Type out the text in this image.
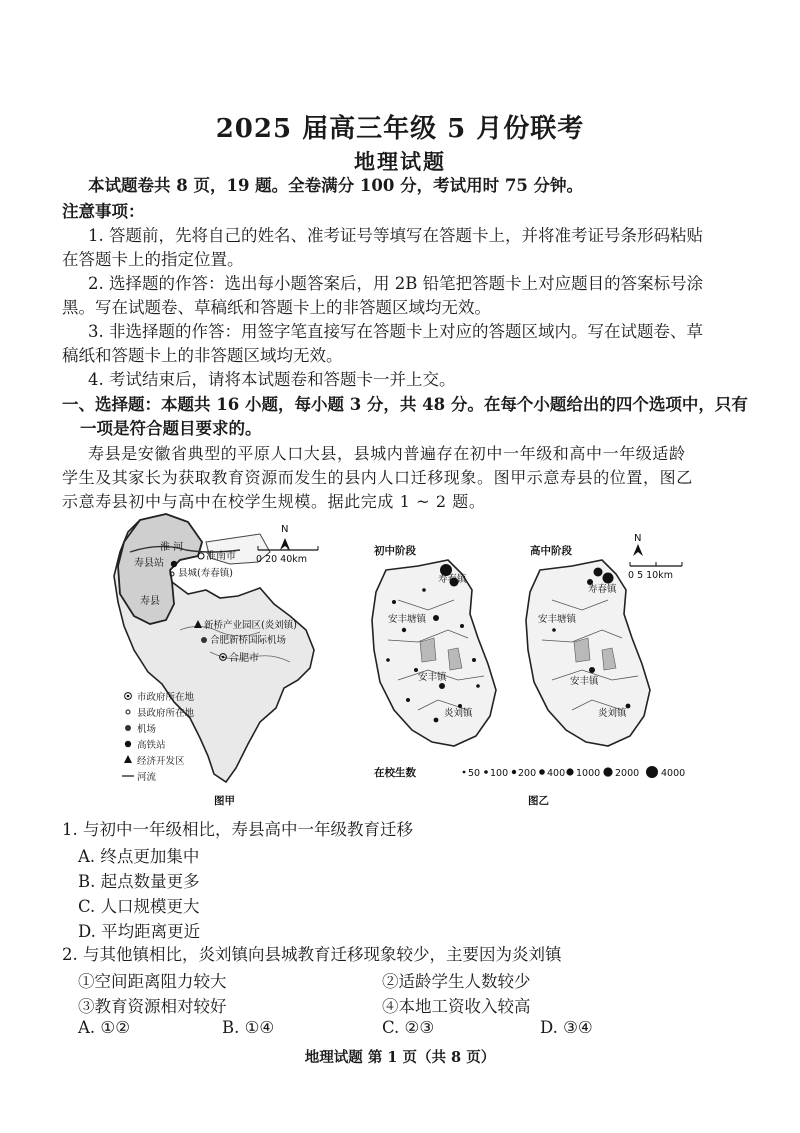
2025 届高三年级 5 月份联考
地理试题
本试题卷共 8 页，19 题。全卷满分 100 分，考试用时 75 分钟。
注意事项：
1. 答题前，先将自己的姓名、准考证号等填写在答题卡上，并将准考证号条形码粘贴
在答题卡上的指定位置。
2. 选择题的作答：选出每小题答案后，用 2B 铅笔把答题卡上对应题目的答案标号涂
黑。写在试题卷、草稿纸和答题卡上的非答题区域均无效。
3. 非选择题的作答：用签字笔直接写在答题卡上对应的答题区域内。写在试题卷、草
稿纸和答题卡上的非答题区域均无效。
4. 考试结束后，请将本试题卷和答题卡一并上交。
一、选择题：本题共 16 小题，每小题 3 分，共 48 分。在每个小题给出的四个选项中，只有
一项是符合题目要求的。
寿县是安徽省典型的平原人口大县，县城内普遍存在初中一年级和高中一年级适龄
学生及其家长为获取教育资源而发生的县内人口迁移现象。图甲示意寿县的位置，图乙
示意寿县初中与高中在校学生规模。据此完成 1 ~ 2 题。
淮 河
淮南市
寿县站
县城(寿春镇)
寿县
新桥产业园区(炎刘镇)
合肥新桥国际机场
合肥市
N
0 20 40km
市政府所在地
县政府所在地
机场
高铁站
经济开发区
河流
图甲
初中阶段	高中阶段
寿春镇
安丰塘镇
安丰镇
炎刘镇
寿春镇
安丰塘镇
安丰镇
炎刘镇
N
0 5 10km
在校生数	50 100 200 400 1000 2000 4000
图乙
1. 与初中一年级相比，寿县高中一年级教育迁移
A. 终点更加集中
B. 起点数量更多
C. 人口规模更大
D. 平均距离更近
2. 与其他镇相比，炎刘镇向县城教育迁移现象较少，主要因为炎刘镇
①空间距离阻力较大	②适龄学生人数较少
③教育资源相对较好	④本地工资收入较高
A. ①②	B. ①④	C. ②③	D. ③④
地理试题 第 1 页（共 8 页）
